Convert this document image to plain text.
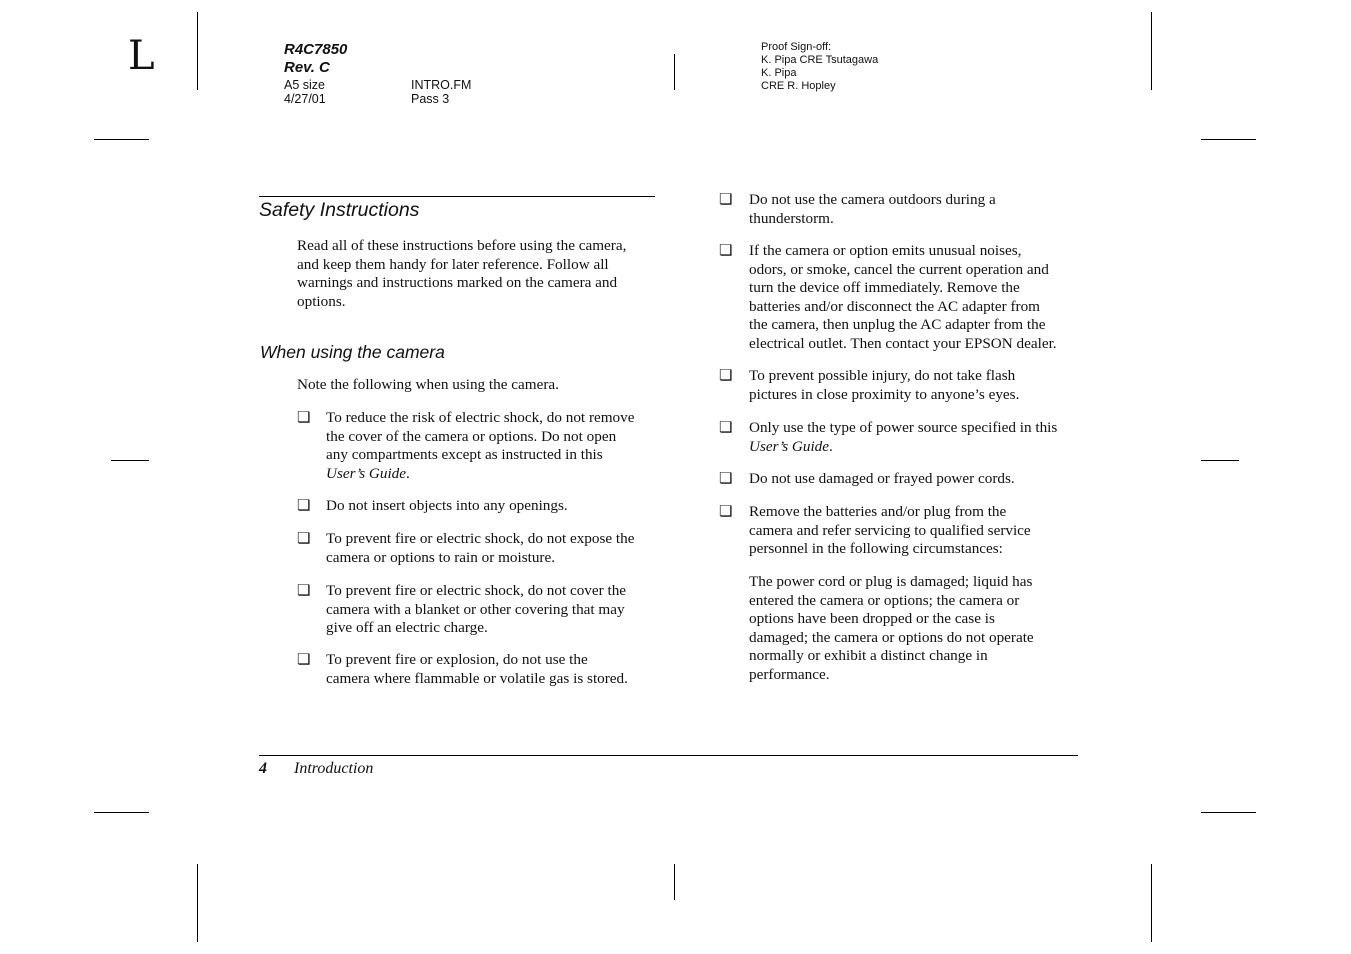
L	R4C7850
Rev. C
A5 size
4/27/01
INTRO.FM
Pass 3
Proof Sign-off:
K. Pipa CRE Tsutagawa
K. Pipa
CRE R. Hopley
Safety Instructions
Read all of these instructions before using the camera,
and keep them handy for later reference. Follow all
warnings and instructions marked on the camera and
options.
When using the camera
Note the following when using the camera.
❏ To reduce the risk of electric shock, do not remove
the cover of the camera or options. Do not open
any compartments except as instructed in this
User’s Guide.
❏ Do not insert objects into any openings.
❏ To prevent fire or electric shock, do not expose the
camera or options to rain or moisture.
❏ To prevent fire or electric shock, do not cover the
camera with a blanket or other covering that may
give off an electric charge.
❏ To prevent fire or explosion, do not use the
camera where flammable or volatile gas is stored.
❏ Do not use the camera outdoors during a
thunderstorm.
❏ If the camera or option emits unusual noises,
odors, or smoke, cancel the current operation and
turn the device off immediately. Remove the
batteries and/or disconnect the AC adapter from
the camera, then unplug the AC adapter from the
electrical outlet. Then contact your EPSON dealer.
❏ To prevent possible injury, do not take flash
pictures in close proximity to anyone’s eyes.
❏ Only use the type of power source specified in this
User’s Guide.
❏ Do not use damaged or frayed power cords.
❏ Remove the batteries and/or plug from the
camera and refer servicing to qualified service
personnel in the following circumstances:
The power cord or plug is damaged; liquid has
entered the camera or options; the camera or
options have been dropped or the case is
damaged; the camera or options do not operate
normally or exhibit a distinct change in
performance.
4 Introduction
